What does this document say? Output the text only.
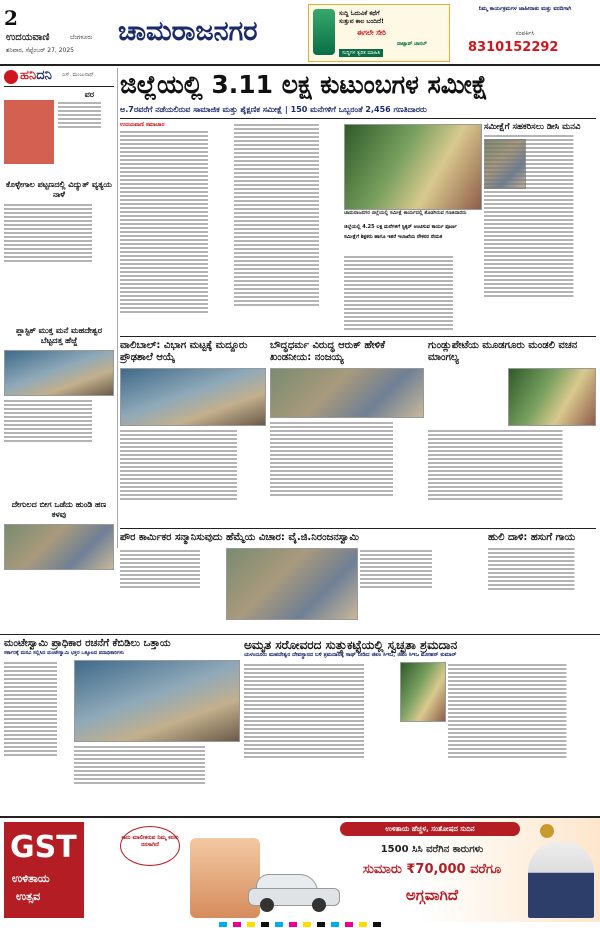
2
ಉದಯವಾಣಿ	ಬೆಂಗಳೂರು
ಶನಿವಾರ, ಸೆಪ್ಟೆಂಬರ್ 27, 2025
ಚಾಮರಾಜನಗರ
ಸುದ್ದಿ ಓದುವಿಕೆ ಕಥೆಗೆ
ಸುತ್ತುವ ಕಾಲ ಬಂದಿದೆ!
ಈಗಲೇ ಸೇರಿ
ವಾಟ್ಸಾಪ್ ಚಾನಲ್
ಸುದ್ದಿಗಳ ತ್ವರಿತ ಮಾಹಿತಿ
ನಿಮ್ಮ ಕಾರ್ಯಕ್ರಮಗಳ ಜಾಹೀರಾತು ಮತ್ತು ವರದಿಗಾಗಿ
ಸಂಪರ್ಕಿಸಿ
8310152292
ಹನಿದನಿ ಎಸ್. ಮಂಜುನಾಥ್
ವರ
ಕೊಳ್ಳೇಗಾಲ ಪಟ್ಟಣದಲ್ಲಿ ವಿದ್ಯುತ್ ವ್ಯತ್ಯಯ ನಾಳೆ
ಪ್ಲಾಸ್ಟಿಕ್ ಮುಕ್ತ ಮನೆ ಮಹದೇಶ್ವರ ಬೆಟ್ಟದತ್ತ ಹೆಜ್ಜೆ
ದೇಗುಲದ ಬೀಗ ಒಡೆದು ಹುಂಡಿ ಹಣ ಕಳವು
ಜಿಲ್ಲೆಯಲ್ಲಿ 3.11 ಲಕ್ಷ ಕುಟುಂಬಗಳ ಸಮೀಕ್ಷೆ
ಅ.7ರವರೆಗೆ ನಡೆಯಲಿರುವ ಸಾಮಾಜಿಕ ಮತ್ತು ಶೈಕ್ಷಣಿಕ ಸಮೀಕ್ಷೆ | 150 ಮನೆಗಳಿಗೆ ಒಬ್ಬರಂತೆ 2,456 ಗಣತಿದಾರರು
ಉದಯವಾಣಿ ಸಮಾಚಾರ
ಚಾಮರಾಜನಗರ ಜಿಲ್ಲೆಯಲ್ಲಿ ಸಮೀಕ್ಷೆ ಕಾರ್ಯದಲ್ಲಿ ತೊಡಗಿರುವ ಗಣತಿದಾರರು
ಜಿಲ್ಲೆಯಲ್ಲಿ 4.25 ಲಕ್ಷ ಮನೆಗಳಿಗೆ ಸ್ಟಿಕ್ಕರ್ ಅಂಟಿಸುವ ಕಾರ್ಯ ಪೂರ್ಣ
ಸಮೀಕ್ಷೆಗೆ ಶಿಕ್ಷಕರು ಹಾಗೂ ಇತರೆ ಇಲಾಖೆಯ ನೌಕರರ ನೇಮಕ
ಸಮೀಕ್ಷೆಗೆ ಸಹಕರಿಸಲು ಡೀಸಿ ಮನವಿ
ವಾಲಿಬಾಲ್: ವಿಭಾಗ ಮಟ್ಟಕ್ಕೆ ಮದ್ದೂರು ಪ್ರೌಢಶಾಲೆ ಆಯ್ಕೆ
ಬೌದ್ಧಧರ್ಮ ವಿರುದ್ಧ ಆರುಕ್ ಹೇಳಿಕೆ ಖಂಡನೀಯ: ನಂಜಯ್ಯ
ಗುಂಡ್ಲುಪೇಟೆಯ ಮೂಡಗೂರು ಮಂಡಲಿ ವಚನ ಮಾಂಗಲ್ಯ
ಪೌರ ಕಾರ್ಮಿಕರ ಸನ್ಮಾನಿಸುವುದು ಹೆಮ್ಮೆಯ ವಿಚಾರ: ವೈ.ಜಿ.ನಿರಂಜನಸ್ವಾಮಿ	ಹುಲಿ ದಾಳಿ: ಹಸುಗೆ ಗಾಯ
ಮಂಟೇಸ್ವಾಮಿ ಪ್ರಾಧಿಕಾರ ರಚನೆಗೆ ಕೆಬಿಡಿಲು ಒತ್ತಾಯ
ಸರ್ಕಾರಕ್ಕೆ ಮನವಿ ಸಲ್ಲಿಸಿದ ಮಂಟೇಸ್ವಾಮಿ ಭಕ್ತರ ಒಕ್ಕೂಟದ ಪದಾಧಿಕಾರಿಗಳು
ಅಮೃತ ಸರೋವರದ ಸುತ್ತುಕಟ್ಟೆಯಲ್ಲಿ ಸ್ವಚ್ಛತಾ ಶ್ರಮದಾನ
ಯಳಂದೂರು ಮಹದೇಶ್ವರ ದೇವಸ್ಥಾನದ ಬಳಿ ಶ್ರಮದಾನಕ್ಕೆ ಸಾಥ್ ನೀಡಿದ ಜಿಪಂ ಸಿಇಒ, ಜಿಪಂ ಸಿಇಒ ಮೋಹನ್ ಕುಮಾರ್
GST
ಉಳಿತಾಯ
ಉತ್ಸವ
ಉಳಿತಾಯ ಹೆಚ್ಚಳ, ಸಂತೋಷದ ಸುದಿನ
ಕಾರು ಮಾಲೀಕರುವ ನಿಮ್ಮ ಕನಸು ನನಸಾಗಿದೆ	1500 ಸಿಸಿ ವರೆಗಿನ ಕಾರುಗಳು
ಸುಮಾರು ₹70,000 ವರೆಗೂ
ಅಗ್ಗವಾಗಿದೆ
